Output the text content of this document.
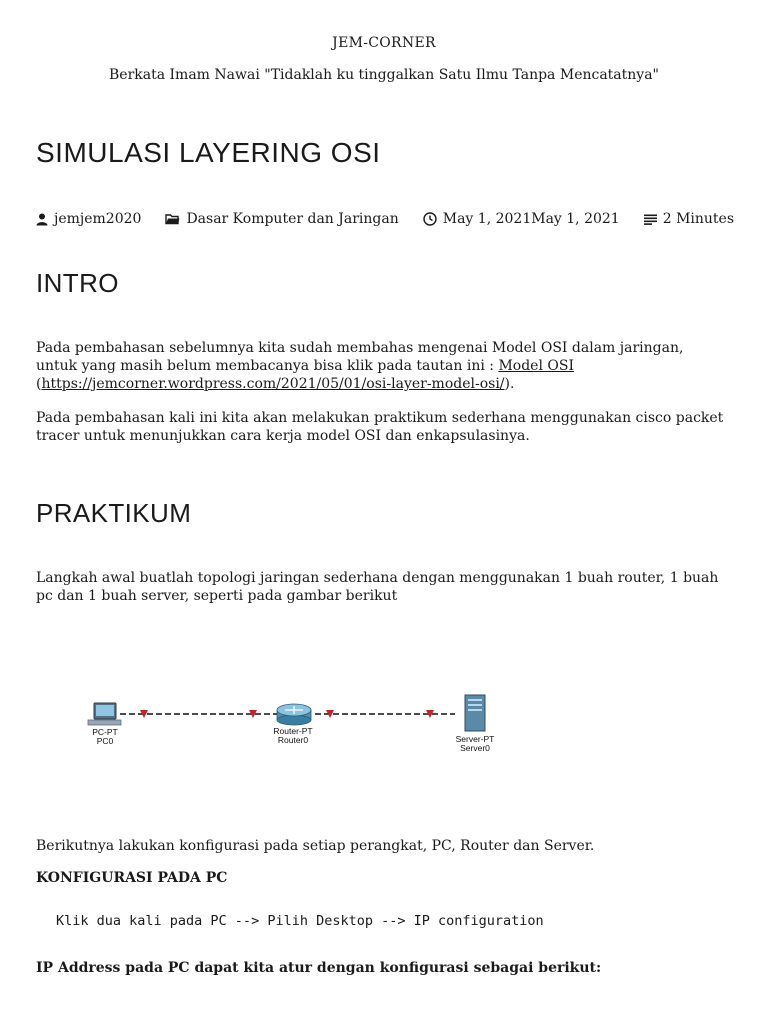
JEM-CORNER
Berkata Imam Nawai "Tidaklah ku tinggalkan Satu Ilmu Tanpa Mencatatnya"
SIMULASI LAYERING OSI
jemjem2020	Dasar Komputer dan Jaringan	May 1, 2021May 1, 2021	2 Minutes
INTRO

Pada pembahasan sebelumnya kita sudah membahas mengenai Model OSI dalam jaringan, untuk yang masih belum membacanya bisa klik pada tautan ini : Model OSI
(https://jemcorner.wordpress.com/2021/05/01/osi-layer-model-osi/).

Pada pembahasan kali ini kita akan melakukan praktikum sederhana menggunakan cisco packet tracer untuk menunjukkan cara kerja model OSI dan enkapsulasinya.

PRAKTIKUM

Langkah awal buatlah topologi jaringan sederhana dengan menggunakan 1 buah router, 1 buah pc dan 1 buah server, seperti pada gambar berikut

PC-PT
PC0
Router-PT
Router0	Server-PT
Server0

Berikutnya lakukan konfigurasi pada setiap perangkat, PC, Router dan Server.

KONFIGURASI PADA PC

Klik dua kali pada PC --> Pilih Desktop --> IP configuration

IP Address pada PC dapat kita atur dengan konfigurasi sebagai berikut:
